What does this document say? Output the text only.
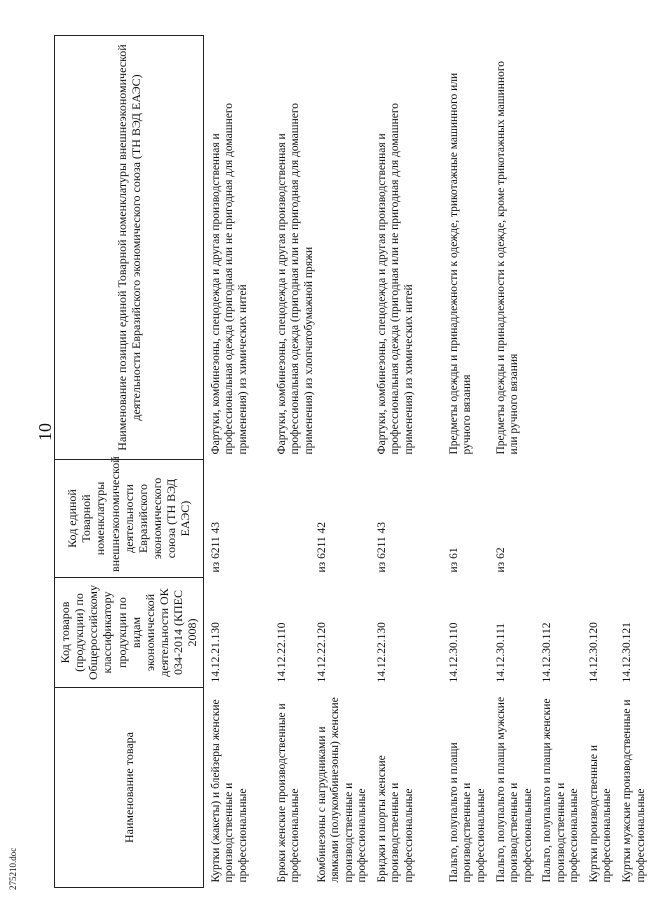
10
275210.doc
Наименование товара	Код товаров (продукции) по Общероссийскому классификатору продукции по видам экономической деятельности ОК 034-2014 (КПЕС 2008)	Код единой Товарной номенклатуры внешнеэкономической деятельности Евразийского экономического союза (ТН ВЭД ЕАЭС)	Наименование позиции единой Товарной номенклатуры внешнеэкономической деятельности Евразийского экономического союза (ТН ВЭД ЕАЭС)

Куртки (жакеты) и блейзеры женские производственные и профессиональные	14.12.21.130	из 6211 43	Фартуки, комбинезоны, спецодежда и другая производственная и профессиональная одежда (пригодная или не пригодная для домашнего применения) из химических нитей
Брюки женские производственные и профессиональные	14.12.22.110		Фартуки, комбинезоны, спецодежда и другая производственная и профессиональная одежда (пригодная или не пригодная для домашнего применения) из хлопчатобумажной пряжи
Комбинезоны с нагрудниками и лямками (полукомбинезоны) женские производственные и профессиональные	14.12.22.120	из 6211 42	
Бриджи и шорты женские производственные и профессиональные	14.12.22.130	из 6211 43	Фартуки, комбинезоны, спецодежда и другая производственная и профессиональная одежда (пригодная или не пригодная для домашнего применения) из химических нитей
Пальто, полупальто и плащи производственные и профессиональные	14.12.30.110	из 61	Предметы одежды и принадлежности к одежде, трикотажные машинного или ручного вязания
Пальто, полупальто и плащи мужские производственные и профессиональные	14.12.30.111	из 62	Предметы одежды и принадлежности к одежде, кроме трикотажных машинного или ручного вязания
Пальто, полупальто и плащи женские производственные и профессиональные	14.12.30.112		
Куртки производственные и профессиональные	14.12.30.120		
Куртки мужские производственные и профессиональные	14.12.30.121		
